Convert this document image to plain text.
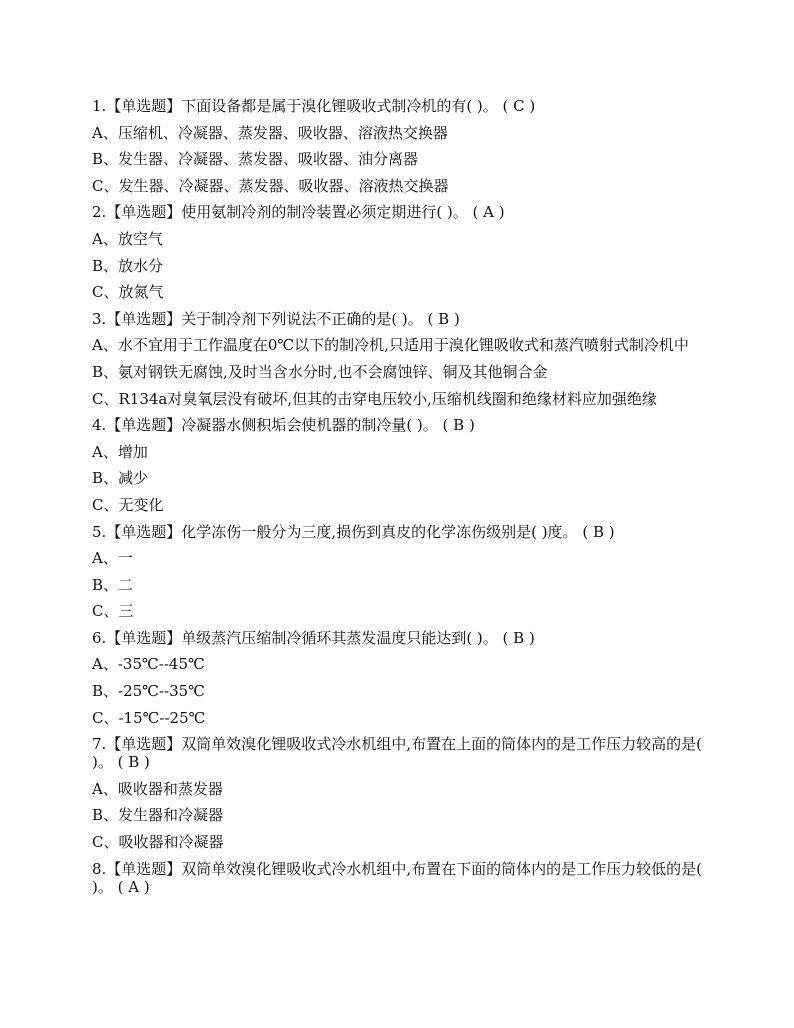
1.【单选题】下面设备都是属于溴化锂吸收式制冷机的有( )。 ( C )
A、压缩机、冷凝器、蒸发器、吸收器、溶液热交换器
B、发生器、冷凝器、蒸发器、吸收器、油分离器
C、发生器、冷凝器、蒸发器、吸收器、溶液热交换器
2.【单选题】使用氨制冷剂的制冷装置必须定期进行( )。 ( A )
A、放空气
B、放水分
C、放氮气
3.【单选题】关于制冷剂下列说法不正确的是( )。 ( B )
A、水不宜用于工作温度在0℃以下的制冷机,只适用于溴化锂吸收式和蒸汽喷射式制冷机中
B、氨对钢铁无腐蚀,及时当含水分时,也不会腐蚀锌、铜及其他铜合金
C、R134a对臭氧层没有破坏,但其的击穿电压较小,压缩机线圈和绝缘材料应加强绝缘
4.【单选题】冷凝器水侧积垢会使机器的制冷量( )。 ( B )
A、增加
B、减少
C、无变化
5.【单选题】化学冻伤一般分为三度,损伤到真皮的化学冻伤级别是( )度。 ( B )
A、一
B、二
C、三
6.【单选题】单级蒸汽压缩制冷循环其蒸发温度只能达到( )。 ( B )
A、-35℃--45℃
B、-25℃--35℃
C、-15℃--25℃
7.【单选题】双筒单效溴化锂吸收式冷水机组中,布置在上面的筒体内的是工作压力较高的是( )。 ( B )
A、吸收器和蒸发器
B、发生器和冷凝器
C、吸收器和冷凝器
8.【单选题】双筒单效溴化锂吸收式冷水机组中,布置在下面的筒体内的是工作压力较低的是( )。 ( A )
